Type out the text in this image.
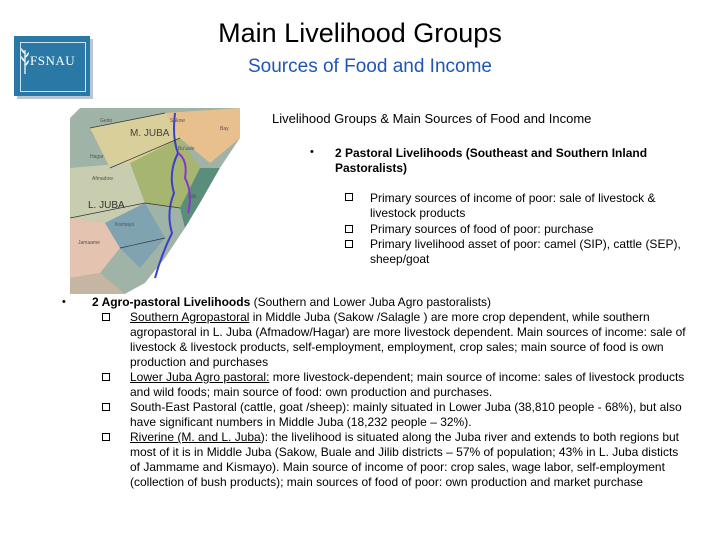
FSNAU
Main Livelihood Groups
Sources of Food and Income
M. JUBA
L. JUBA
Hagar
Afmadow
Kismayo
Jamaame
Bu'aale
Sakow
Jilib
Gedo
Bay
Livelihood Groups & Main Sources of Food and Income
• 2 Pastoral Livelihoods (Southeast and Southern Inland Pastoralists)
Primary sources of income of poor: sale of livestock & livestock products
Primary sources of food of poor: purchase
Primary livelihood asset of poor: camel (SIP), cattle (SEP), sheep/goat
• 2 Agro-pastoral Livelihoods (Southern and Lower Juba Agro pastoralists)
Southern Agropastoral in Middle Juba (Sakow /Salagle ) are more crop dependent, while southern agropastoral in L. Juba (Afmadow/Hagar) are more livestock dependent. Main sources of income: sale of livestock & livestock products, self-employment, employment, crop sales; main source of food is own production and purchases
Lower Juba Agro pastoral: more livestock-dependent; main source of income: sales of livestock products and wild foods; main source of food: own production and purchases.
South-East Pastoral (cattle, goat /sheep): mainly situated in Lower Juba (38,810 people - 68%), but also have significant numbers in Middle Juba (18,232 people – 32%).
Riverine (M. and L. Juba): the livelihood is situated along the Juba river and extends to both regions but most of it is in Middle Juba (Sakow, Buale and Jilib districts – 57% of population; 43% in L. Juba disticts of Jammame and Kismayo). Main source of income of poor: crop sales, wage labor, self-employment (collection of bush products); main sources of food of poor: own production and market purchase
